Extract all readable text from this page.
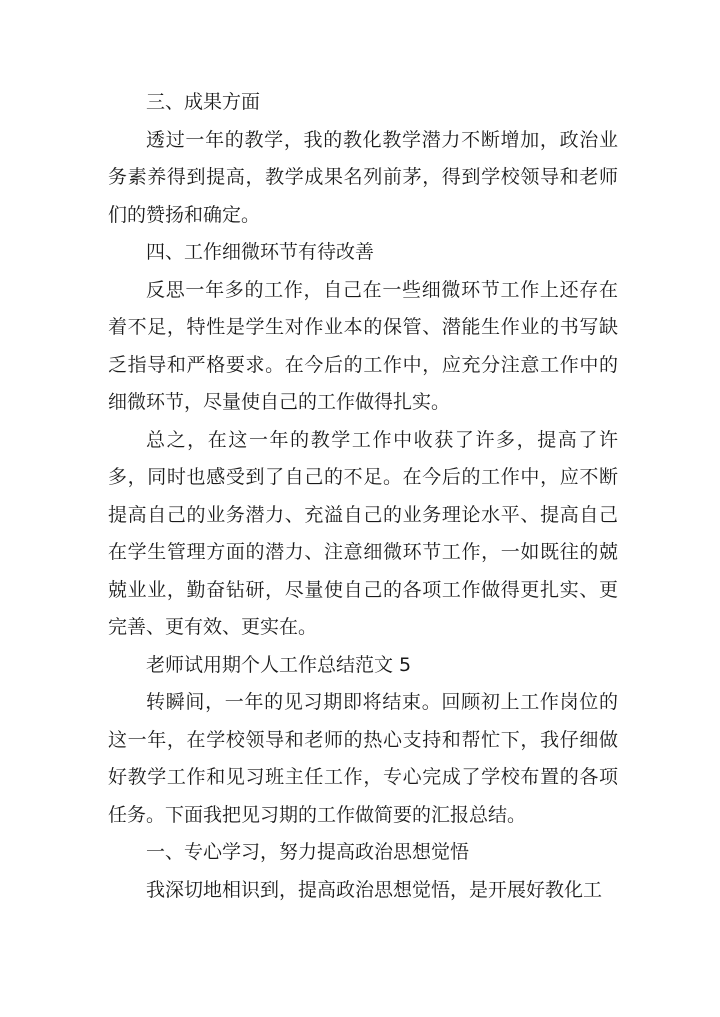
三、成果方面

透过一年的教学，我的教化教学潜力不断增加，政治业务素养得到提高，教学成果名列前茅，得到学校领导和老师们的赞扬和确定。

四、工作细微环节有待改善

反思一年多的工作，自己在一些细微环节工作上还存在着不足，特性是学生对作业本的保管、潜能生作业的书写缺乏指导和严格要求。在今后的工作中，应充分注意工作中的细微环节，尽量使自己的工作做得扎实。

总之，在这一年的教学工作中收获了许多，提高了许多，同时也感受到了自己的不足。在今后的工作中，应不断提高自己的业务潜力、充溢自己的业务理论水平、提高自己在学生管理方面的潜力、注意细微环节工作，一如既往的兢兢业业，勤奋钻研，尽量使自己的各项工作做得更扎实、更完善、更有效、更实在。

老师试用期个人工作总结范文 5

转瞬间，一年的见习期即将结束。回顾初上工作岗位的这一年，在学校领导和老师的热心支持和帮忙下，我仔细做好教学工作和见习班主任工作，专心完成了学校布置的各项任务。下面我把见习期的工作做简要的汇报总结。

一、专心学习，努力提高政治思想觉悟

我深切地相识到，提高政治思想觉悟，是开展好教化工
